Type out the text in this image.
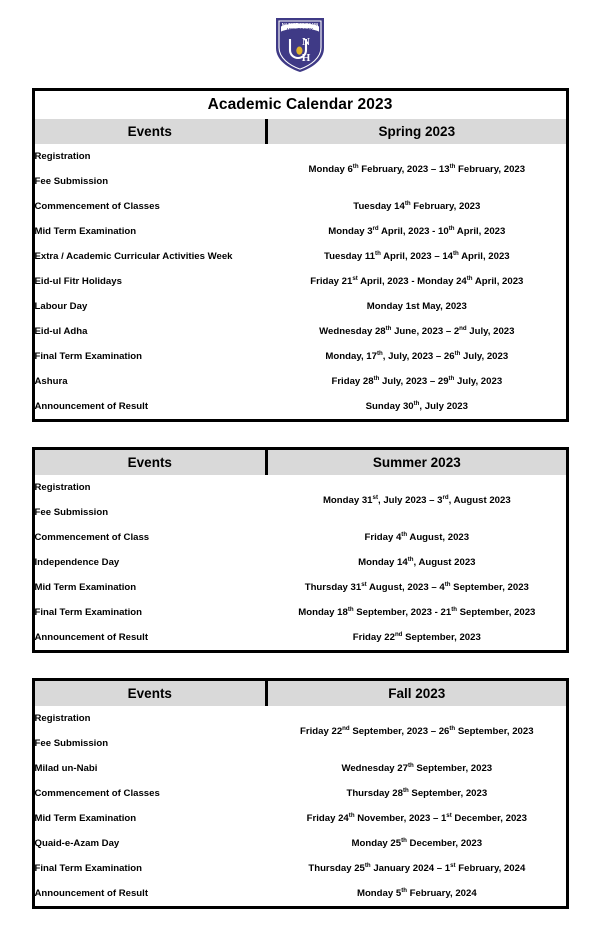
NAZEER HUSSAIN
UNIVERSITY
N
H
Academic Calendar 2023	
Events	Spring 2023
Registration	Monday 6th February, 2023 – 13th February, 2023
Fee Submission	
Commencement of Classes	Tuesday 14th February, 2023
Mid Term Examination	Monday 3rd April, 2023 - 10th April, 2023
Extra / Academic Curricular Activities Week	Tuesday 11th April, 2023 – 14th April, 2023
Eid-ul Fitr Holidays	Friday 21st April, 2023 - Monday 24th April, 2023
Labour Day	Monday 1st May, 2023
Eid-ul Adha	Wednesday 28th June, 2023 – 2nd July, 2023
Final Term Examination	Monday, 17th, July, 2023 – 26th July, 2023
Ashura	Friday 28th July, 2023 – 29th July, 2023
Announcement of Result	Sunday 30th, July 2023
Events	Summer 2023
Registration	Monday 31st, July 2023 – 3rd, August 2023
Fee Submission	
Commencement of Class	Friday 4th August, 2023
Independence Day	Monday 14th, August 2023
Mid Term Examination	Thursday 31st August, 2023 – 4th September, 2023
Final Term Examination	Monday 18th September, 2023 - 21th September, 2023
Announcement of Result	Friday 22nd September, 2023
Events	Fall 2023
Registration	Friday 22nd September, 2023 – 26th September, 2023
Fee Submission	
Milad un-Nabi	Wednesday 27th September, 2023
Commencement of Classes	Thursday 28th September, 2023
Mid Term Examination	Friday 24th November, 2023 – 1st December, 2023
Quaid-e-Azam Day	Monday 25th December, 2023
Final Term Examination	Thursday 25th January 2024 – 1st February, 2024
Announcement of Result	Monday 5th February, 2024
